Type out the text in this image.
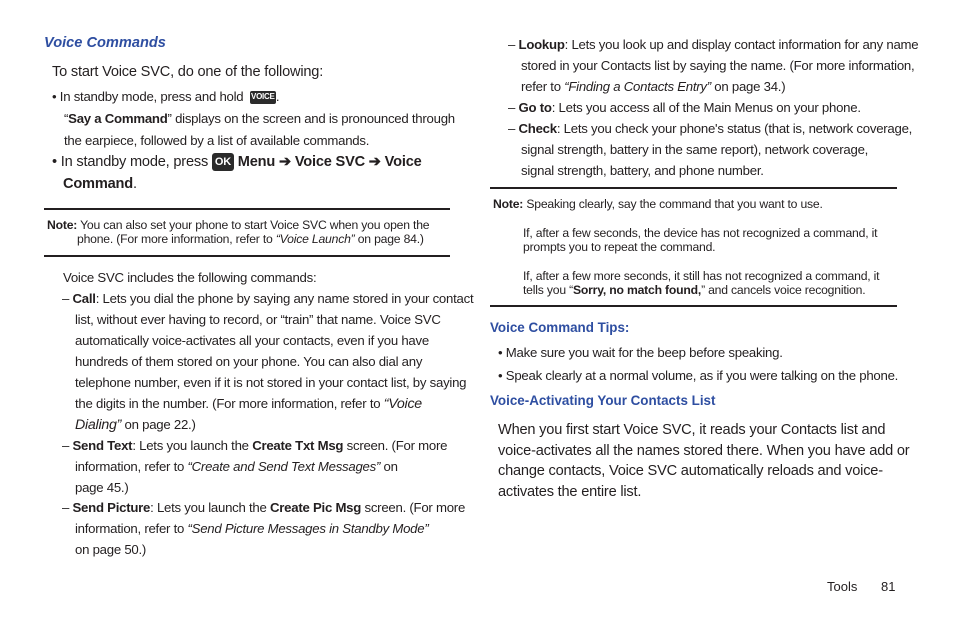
Voice Commands
To start Voice SVC, do one of the following:
• In standby mode, press and hold VOICE.
“Say a Command” displays on the screen and is pronounced through
the earpiece, followed by a list of available commands.
• In standby mode, press OK Menu ➔ Voice SVC ➔ Voice
Command.
Note: You can also set your phone to start Voice SVC when you open the
phone. (For more information, refer to “Voice Launch” on page 84.)
Voice SVC includes the following commands:
– Call: Lets you dial the phone by saying any name stored in your contact
list, without ever having to record, or “train” that name. Voice SVC
automatically voice-activates all your contacts, even if you have
hundreds of them stored on your phone. You can also dial any
telephone number, even if it is not stored in your contact list, by saying
the digits in the number. (For more information, refer to “Voice
Dialing” on page 22.)
– Send Text: Lets you launch the Create Txt Msg screen. (For more
information, refer to “Create and Send Text Messages” on
page 45.)
– Send Picture: Lets you launch the Create Pic Msg screen. (For more
information, refer to “Send Picture Messages in Standby Mode”
on page 50.)
– Lookup: Lets you look up and display contact information for any name
stored in your Contacts list by saying the name. (For more information,
refer to “Finding a Contacts Entry” on page 34.)
– Go to: Lets you access all of the Main Menus on your phone.
– Check: Lets you check your phone's status (that is, network coverage,
signal strength, battery in the same report), network coverage,
signal strength, battery, and phone number.
Note: Speaking clearly, say the command that you want to use.
If, after a few seconds, the device has not recognized a command, it
prompts you to repeat the command.
If, after a few more seconds, it still has not recognized a command, it
tells you “Sorry, no match found,” and cancels voice recognition.
Voice Command Tips:
• Make sure you wait for the beep before speaking.
• Speak clearly at a normal volume, as if you were talking on the phone.
Voice-Activating Your Contacts List
When you first start Voice SVC, it reads your Contacts list and
voice-activates all the names stored there. When you have add or
change contacts, Voice SVC automatically reloads and voice-
activates the entire list.
Tools 81
